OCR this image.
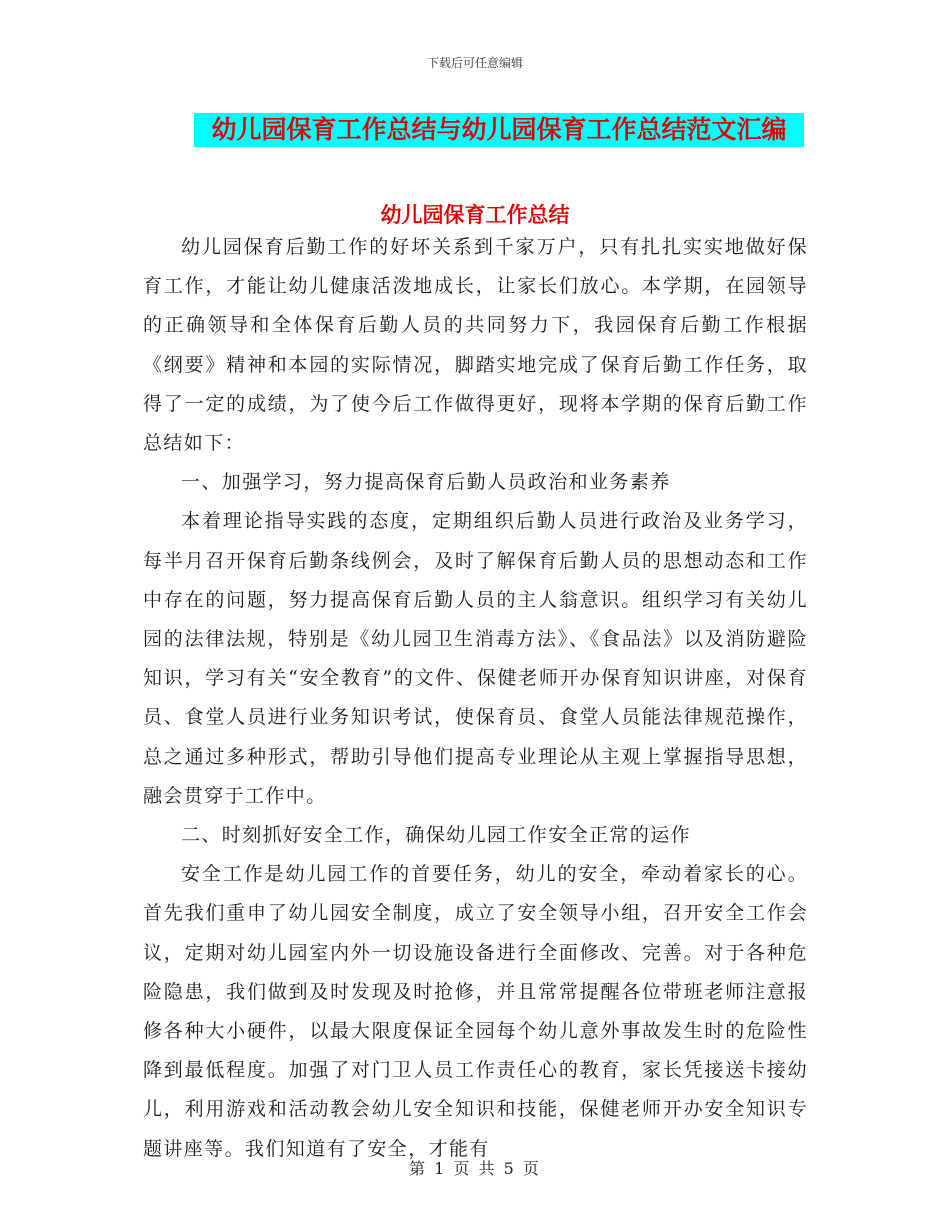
下载后可任意编辑
幼儿园保育工作总结与幼儿园保育工作总结范文汇编
幼儿园保育工作总结

幼儿园保育后勤工作的好坏关系到千家万户，只有扎扎实实地做好保育工作，才能让幼儿健康活泼地成长，让家长们放心。本学期，在园领导的正确领导和全体保育后勤人员的共同努力下，我园保育后勤工作根据《纲要》精神和本园的实际情况，脚踏实地完成了保育后勤工作任务，取得了一定的成绩，为了使今后工作做得更好，现将本学期的保育后勤工作总结如下：

一、加强学习，努力提高保育后勤人员政治和业务素养

本着理论指导实践的态度，定期组织后勤人员进行政治及业务学习，每半月召开保育后勤条线例会，及时了解保育后勤人员的思想动态和工作中存在的问题，努力提高保育后勤人员的主人翁意识。组织学习有关幼儿园的法律法规，特别是《幼儿园卫生消毒方法》、《食品法》以及消防避险知识，学习有关“安全教育”的文件、保健老师开办保育知识讲座，对保育员、食堂人员进行业务知识考试，使保育员、食堂人员能法律规范操作，总之通过多种形式，帮助引导他们提高专业理论从主观上掌握指导思想，融会贯穿于工作中。

二、时刻抓好安全工作，确保幼儿园工作安全正常的运作

安全工作是幼儿园工作的首要任务，幼儿的安全，牵动着家长的心。首先我们重申了幼儿园安全制度，成立了安全领导小组，召开安全工作会议，定期对幼儿园室内外一切设施设备进行全面修改、完善。对于各种危险隐患，我们做到及时发现及时抢修，并且常常提醒各位带班老师注意报修各种大小硬件，以最大限度保证全园每个幼儿意外事故发生时的危险性降到最低程度。加强了对门卫人员工作责任心的教育，家长凭接送卡接幼儿，利用游戏和活动教会幼儿安全知识和技能，保健老师开办安全知识专题讲座等。我们知道有了安全，才能有

第 1 页 共 5 页
